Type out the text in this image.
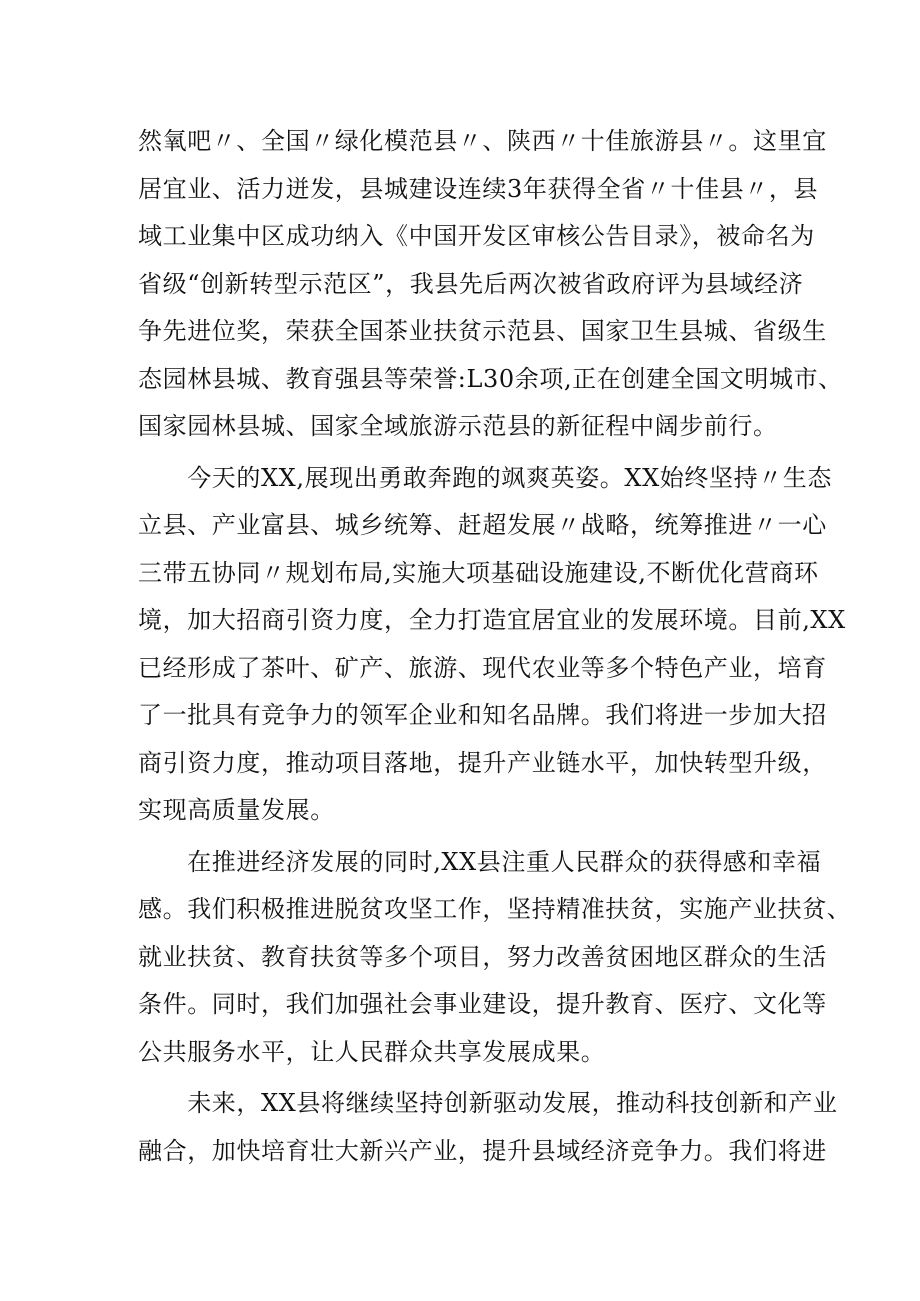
然氧吧〃、全国〃绿化模范县〃、陕西〃十佳旅游县〃。这里宜
居宜业、活力迸发，县城建设连续3年获得全省〃十佳县〃，县
域工业集中区成功纳入《中国开发区审核公告目录》，被命名为
省级“创新转型示范区”，我县先后两次被省政府评为县域经济
争先进位奖，荣获全国茶业扶贫示范县、国家卫生县城、省级生
态园林县城、教育强县等荣誉:L30余项,正在创建全国文明城市、
国家园林县城、国家全域旅游示范县的新征程中阔步前行。
　　今天的XX,展现出勇敢奔跑的飒爽英姿。XX始终坚持〃生态
立县、产业富县、城乡统筹、赶超发展〃战略，统筹推进〃一心
三带五协同〃规划布局,实施大项基础设施建设,不断优化营商环
境，加大招商引资力度，全力打造宜居宜业的发展环境。目前,XX
已经形成了茶叶、矿产、旅游、现代农业等多个特色产业，培育
了一批具有竞争力的领军企业和知名品牌。我们将进一步加大招
商引资力度，推动项目落地，提升产业链水平，加快转型升级，
实现高质量发展。
　　在推进经济发展的同时,XX县注重人民群众的获得感和幸福
感。我们积极推进脱贫攻坚工作，坚持精准扶贫，实施产业扶贫、
就业扶贫、教育扶贫等多个项目，努力改善贫困地区群众的生活
条件。同时，我们加强社会事业建设，提升教育、医疗、文化等
公共服务水平，让人民群众共享发展成果。
　　未来，XX县将继续坚持创新驱动发展，推动科技创新和产业
融合，加快培育壮大新兴产业，提升县域经济竞争力。我们将进
